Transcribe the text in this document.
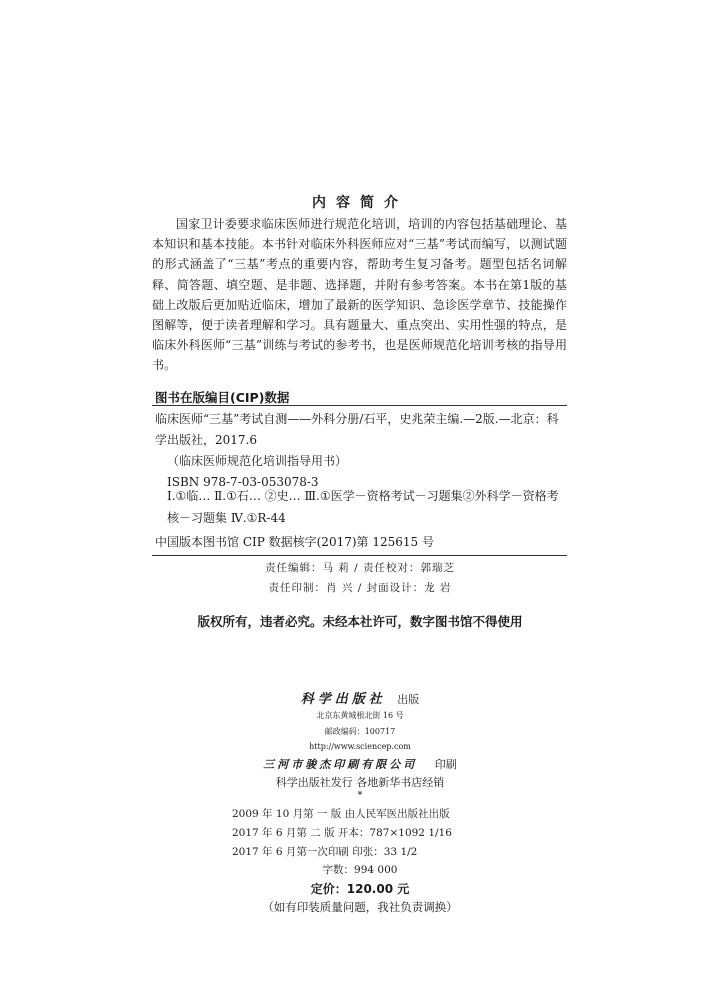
内容简介

国家卫计委要求临床医师进行规范化培训，培训的内容包括基础理论、基本知识和基本技能。本书针对临床外科医师应对“三基”考试而编写，以测试题的形式涵盖了“三基”考点的重要内容，帮助考生复习备考。题型包括名词解释、简答题、填空题、是非题、选择题，并附有参考答案。本书在第1版的基础上改版后更加贴近临床，增加了最新的医学知识、急诊医学章节、技能操作图解等，便于读者理解和学习。具有题量大、重点突出、实用性强的特点，是临床外科医师“三基”训练与考试的参考书，也是医师规范化培训考核的指导用书。

图书在版编目(CIP)数据

临床医师“三基”考试自测——外科分册/石平，史兆荣主编.—2版.—北京：科学出版社，2017.6

（临床医师规范化培训指导用书）

ISBN 978-7-03-053078-3

Ⅰ.①临… Ⅱ.①石… ②史… Ⅲ.①医学－资格考试－习题集②外科学－资格考核－习题集 Ⅳ.①R-44

中国版本图书馆 CIP 数据核字(2017)第 125615 号

责任编辑：马 莉 / 责任校对：郭瑞芝
责任印制：肖 兴 / 封面设计：龙 岩
版权所有，违者必究。未经本社许可，数字图书馆不得使用
科学出版社 出版
北京东黄城根北街 16 号
邮政编码：100717
http://www.sciencep.com
三河市骏杰印刷有限公司 印刷
科学出版社发行 各地新华书店经销
*
2009 年 10 月第 一 版 由人民军医出版社出版
2017 年 6 月第 二 版 开本：787×1092 1/16
2017 年 6 月第一次印刷 印张：33 1/2
字数：994 000
定价：120.00 元
（如有印装质量问题，我社负责调换）
